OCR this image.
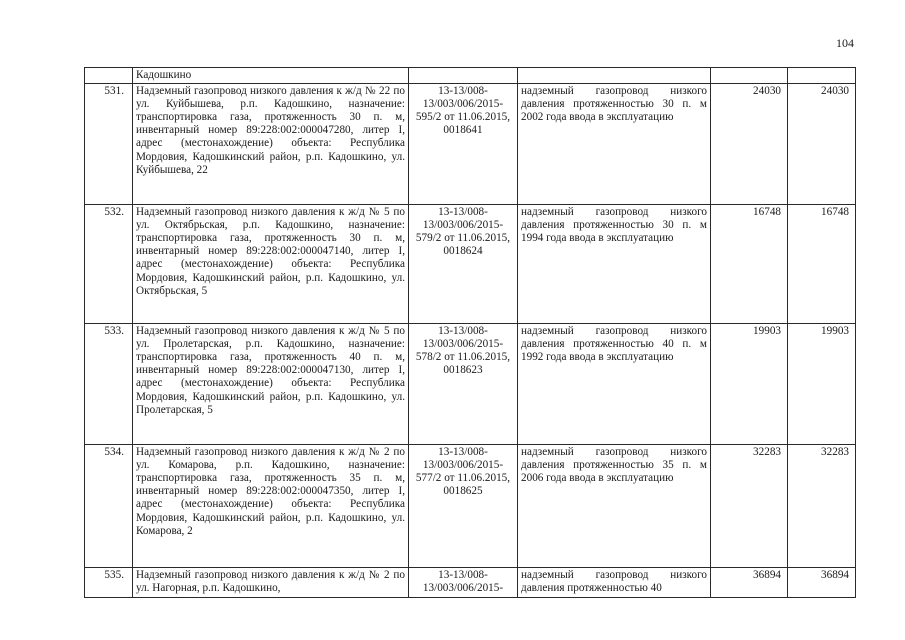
104
	Кадошкино				
531.	Надземный газопровод низкого давления к ж/д № 22 по ул. Куйбышева, р.п. Кадошкино, назначение: транспортировка газа, протяженность 30 п. м, инвентарный номер 89:228:002:000047280, литер I, адрес (местонахождение) объекта: Республика Мордовия, Кадошкинский район, р.п. Кадошкино, ул. Куйбышева, 22	13-13/008-13/003/006/2015-595/2 от 11.06.2015, 0018641	надземный газопровод низкого давления протяженностью 30 п. м 2002 года ввода в эксплуатацию	24030	24030
532.	Надземный газопровод низкого давления к ж/д № 5 по ул. Октябрьская, р.п. Кадошкино, назначение: транспортировка газа, протяженность 30 п. м, инвентарный номер 89:228:002:000047140, литер I, адрес (местонахождение) объекта: Республика Мордовия, Кадошкинский район, р.п. Кадошкино, ул. Октябрьская, 5	13-13/008-13/003/006/2015-579/2 от 11.06.2015, 0018624	надземный газопровод низкого давления протяженностью 30 п. м 1994 года ввода в эксплуатацию	16748	16748
533.	Надземный газопровод низкого давления к ж/д № 5 по ул. Пролетарская, р.п. Кадошкино, назначение: транспортировка газа, протяженность 40 п. м, инвентарный номер 89:228:002:000047130, литер I, адрес (местонахождение) объекта: Республика Мордовия, Кадошкинский район, р.п. Кадошкино, ул. Пролетарская, 5	13-13/008-13/003/006/2015-578/2 от 11.06.2015, 0018623	надземный газопровод низкого давления протяженностью 40 п. м 1992 года ввода в эксплуатацию	19903	19903
534.	Надземный газопровод низкого давления к ж/д № 2 по ул. Комарова, р.п. Кадошкино, назначение: транспортировка газа, протяженность 35 п. м, инвентарный номер 89:228:002:000047350, литер I, адрес (местонахождение) объекта: Республика Мордовия, Кадошкинский район, р.п. Кадошкино, ул. Комарова, 2	13-13/008-13/003/006/2015-577/2 от 11.06.2015, 0018625	надземный газопровод низкого давления протяженностью 35 п. м 2006 года ввода в эксплуатацию	32283	32283
535.	Надземный газопровод низкого давления к ж/д № 2 по ул. Нагорная, р.п. Кадошкино,	13-13/008-13/003/006/2015-	надземный газопровод низкого давления протяженностью 40	36894	36894
